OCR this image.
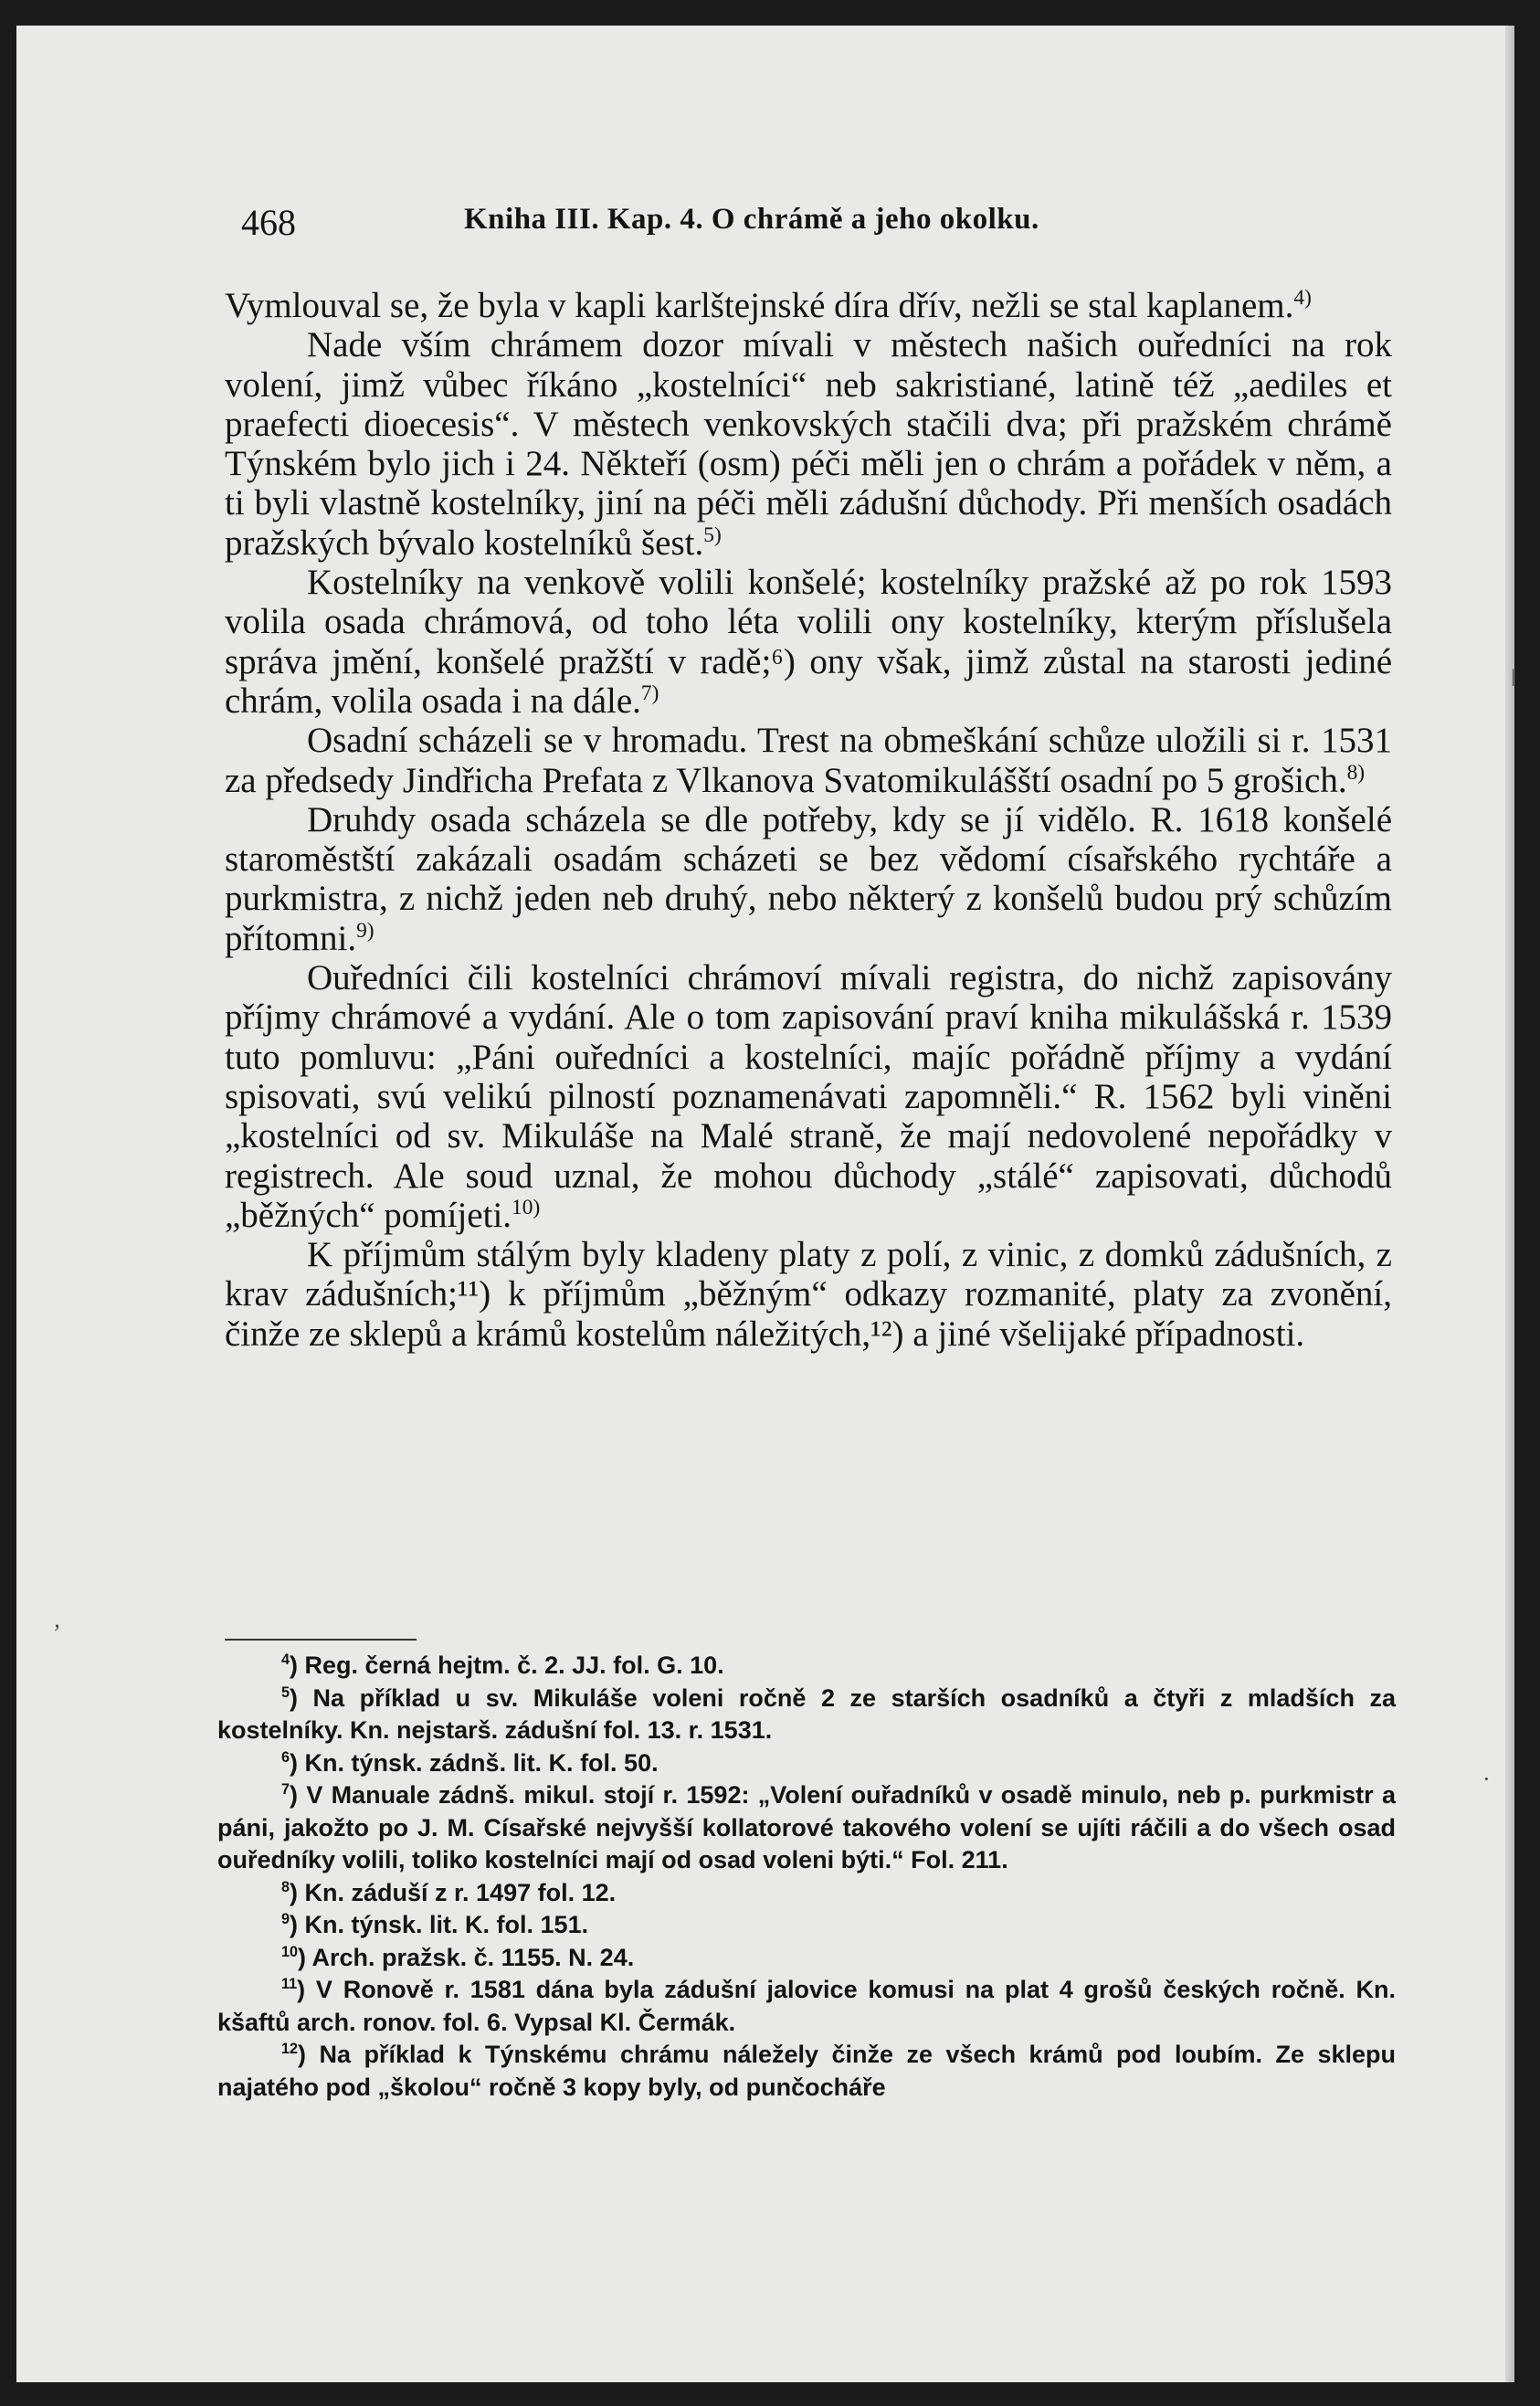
468	Kniha III. Kap. 4. O chrámě a jeho okolku.

Vymlouval se, že byla v kapli karlštejnské díra dřív, nežli se stal kaplanem.$^{4)}$

Nade vším chrámem dozor mívali v městech našich ouředníci na rok volení, jimž vůbec říkáno „kostelníci“ neb sakristiané, latině též „aediles et praefecti dioecesis“. V městech venkovských stačili dva; při pražském chrámě Týnském bylo jich i 24. Někteří (osm) péči měli jen o chrám a pořádek v něm, a ti byli vlastně kostelníky, jiní na péči měli zádušní důchody. Při menších osadách pražských bývalo kostelníků šest.$^{5)}$

Kostelníky na venkově volili konšelé; kostelníky pražské až po rok 1593 volila osada chrámová, od toho léta volili ony kostelníky, kterým příslušela správa jmění, konšelé pražští v radě;⁶) ony však, jimž zůstal na starosti jediné chrám, volila osada i na dále.$^{7)}$

Osadní scházeli se v hromadu. Trest na obmeškání schůze uložili si r. 1531 za předsedy Jindřicha Prefata z Vlkanova Svatomikulášští osadní po 5 grošich.$^{8)}$

Druhdy osada scházela se dle potřeby, kdy se jí vidělo. R. 1618 konšelé staroměstští zakázali osadám scházeti se bez vědomí císařského rychtáře a purkmistra, z nichž jeden neb druhý, nebo některý z konšelů budou prý schůzím přítomni.$^{9)}$

Ouředníci čili kostelníci chrámoví mívali registra, do nichž zapisovány příjmy chrámové a vydání. Ale o tom zapisování praví kniha mikulášská r. 1539 tuto pomluvu: „Páni ouředníci a kostelníci, majíc pořádně příjmy a vydání spisovati, svú velikú pilností poznamenávati zapomněli.“ R. 1562 byli viněni „kostelníci od sv. Mikuláše na Malé straně, že mají nedovolené nepořádky v registrech. Ale soud uznal, že mohou důchody „stálé“ zapisovati, důchodů „běžných“ pomíjeti.$^{10)}$

K příjmům stálým byly kladeny platy z polí, z vinic, z domků zádušních, z krav zádušních;¹¹) k příjmům „běžným“ odkazy rozmanité, platy za zvonění, činže ze sklepů a krámů kostelům náležitých,¹²) a jiné všelijaké případnosti.

$^4$) Reg. černá hejtm. č. 2. JJ. fol. G. 10.

$^5$) Na příklad u sv. Mikuláše voleni ročně 2 ze starších osadníků a čtyři z mladších za kostelníky. Kn. nejstarš. zádušní fol. 13. r. 1531.

$^6$) Kn. týnsk. zádnš. lit. K. fol. 50.

$^7$) V Manuale zádnš. mikul. stojí r. 1592: „Volení ouřadníků v osadě minulo, neb p. purkmistr a páni, jakožto po J. M. Císařské nejvyšší kollatorové takového volení se ujíti ráčili a do všech osad ouředníky volili, toliko kostelníci mají od osad voleni býti.“ Fol. 211.

$^8$) Kn. záduší z r. 1497 fol. 12.

$^9$) Kn. týnsk. lit. K. fol. 151.

$^{10}$) Arch. pražsk. č. 1155. N. 24.

$^{11}$) V Ronově r. 1581 dána byla zádušní jalovice komusi na plat 4 grošů českých ročně. Kn. kšaftů arch. ronov. fol. 6. Vypsal Kl. Čermák.

$^{12}$) Na příklad k Týnskému chrámu náležely činže ze všech krámů pod loubím. Ze sklepu najatého pod „školou“ ročně 3 kopy byly, od punčocháře

ǀ
ʼ
·
